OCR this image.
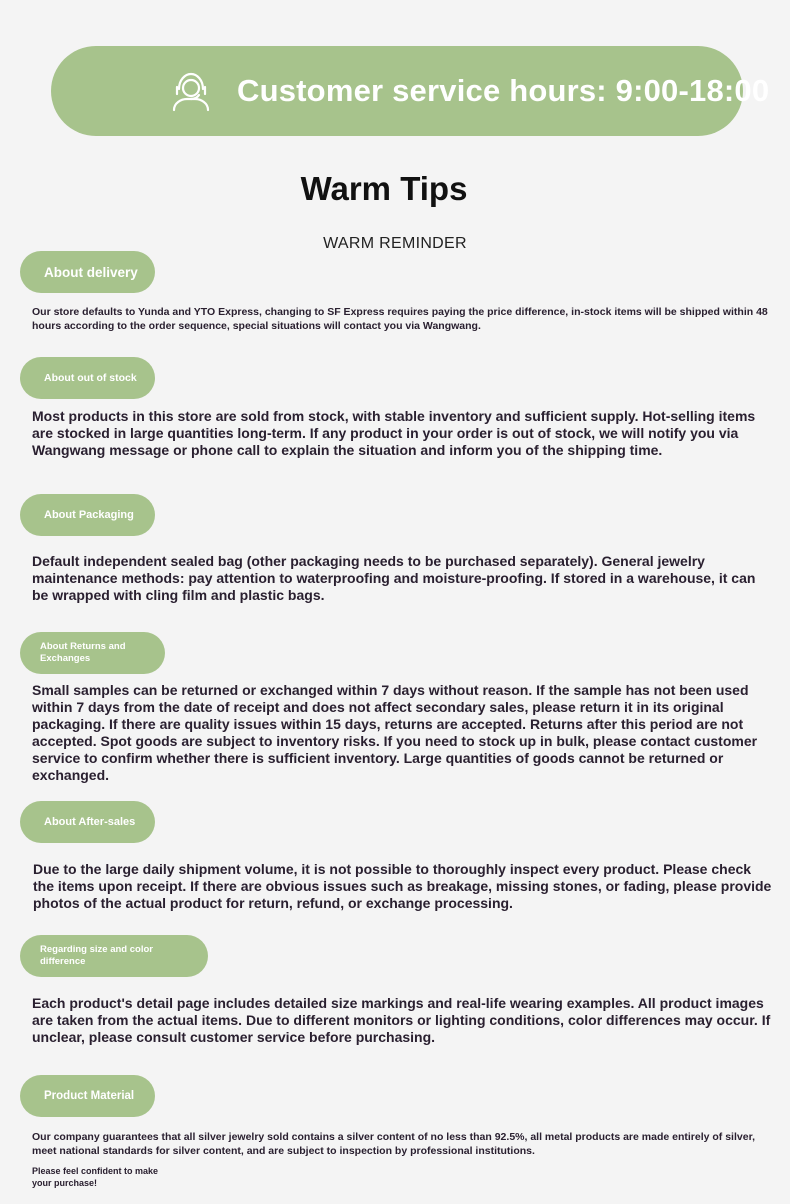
Customer service hours: 9:00-18:00
Warm Tips
WARM REMINDER
About delivery
Our store defaults to Yunda and YTO Express, changing to SF Express requires paying the price difference, in-stock items will be shipped within 48 hours according to the order sequence, special situations will contact you via Wangwang.
About out of stock
Most products in this store are sold from stock, with stable inventory and sufficient supply. Hot-selling items are stocked in large quantities long-term. If any product in your order is out of stock, we will notify you via Wangwang message or phone call to explain the situation and inform you of the shipping time.
About Packaging
Default independent sealed bag (other packaging needs to be purchased separately). General jewelry maintenance methods: pay attention to waterproofing and moisture-proofing. If stored in a warehouse, it can be wrapped with cling film and plastic bags.
About Returns and Exchanges
Small samples can be returned or exchanged within 7 days without reason. If the sample has not been used within 7 days from the date of receipt and does not affect secondary sales, please return it in its original packaging. If there are quality issues within 15 days, returns are accepted. Returns after this period are not accepted. Spot goods are subject to inventory risks. If you need to stock up in bulk, please contact customer service to confirm whether there is sufficient inventory. Large quantities of goods cannot be returned or exchanged.
About After-sales
Due to the large daily shipment volume, it is not possible to thoroughly inspect every product. Please check the items upon receipt. If there are obvious issues such as breakage, missing stones, or fading, please provide photos of the actual product for return, refund, or exchange processing.
Regarding size and color difference
Each product's detail page includes detailed size markings and real-life wearing examples. All product images are taken from the actual items. Due to different monitors or lighting conditions, color differences may occur. If unclear, please consult customer service before purchasing.
Product Material
Our company guarantees that all silver jewelry sold contains a silver content of no less than 92.5%, all metal products are made entirely of silver, meet national standards for silver content, and are subject to inspection by professional institutions.
Please feel confident to make your purchase!
